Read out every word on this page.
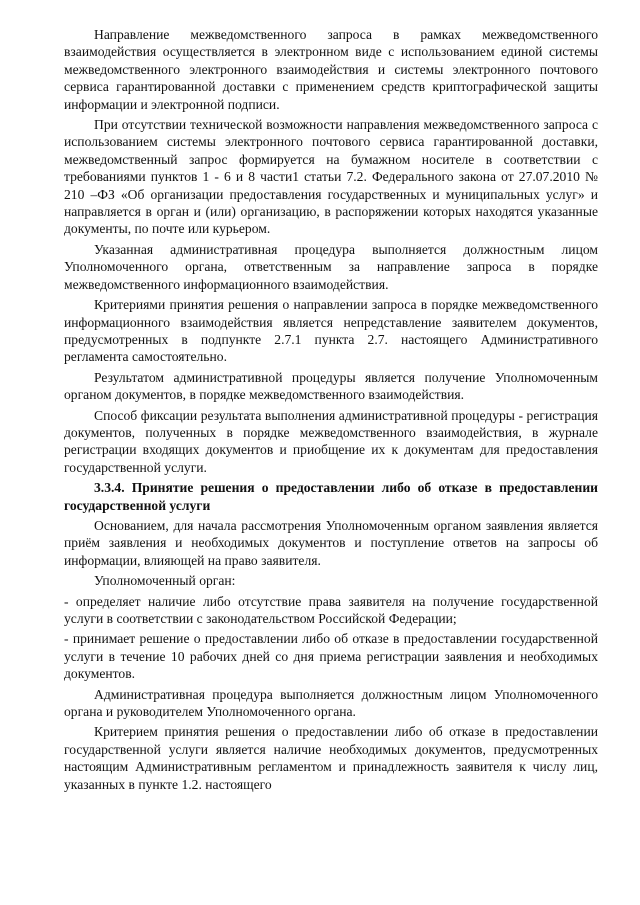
Направление межведомственного запроса в рамках межведомственного взаимодействия осуществляется в электронном виде с использованием единой системы межведомственного электронного взаимодействия и системы электронного почтового сервиса гарантированной доставки с применением средств криптографической защиты информации и электронной подписи.

При отсутствии технической возможности направления межведомственного запроса с использованием системы электронного почтового сервиса гарантированной доставки, межведомственный запрос формируется на бумажном носителе в соответствии с требованиями пунктов 1 - 6 и 8 части1 статьи 7.2. Федерального закона от 27.07.2010 № 210 –ФЗ «Об организации предоставления государственных и муниципальных услуг» и направляется в орган и (или) организацию, в распоряжении которых находятся указанные документы, по почте или курьером.

Указанная административная процедура выполняется должностным лицом Уполномоченного органа, ответственным за направление запроса в порядке межведомственного информационного взаимодействия.

Критериями принятия решения о направлении запроса в порядке межведомственного информационного взаимодействия является непредставление заявителем документов, предусмотренных в подпункте 2.7.1 пункта 2.7. настоящего Административного регламента самостоятельно.

Результатом административной процедуры является получение Уполномоченным органом документов, в порядке межведомственного взаимодействия.

Способ фиксации результата выполнения административной процедуры - регистрация документов, полученных в порядке межведомственного взаимодействия, в журнале регистрации входящих документов и приобщение их к документам для предоставления государственной услуги.

3.3.4. Принятие решения о предоставлении либо об отказе в предоставлении государственной услуги

Основанием, для начала рассмотрения Уполномоченным органом заявления является приём заявления и необходимых документов и поступление ответов на запросы об информации, влияющей на право заявителя.

Уполномоченный орган:

- определяет наличие либо отсутствие права заявителя на получение государственной услуги в соответствии с законодательством Российской Федерации;

- принимает решение о предоставлении либо об отказе в предоставлении государственной услуги в течение 10 рабочих дней со дня приема регистрации заявления и необходимых документов.

Административная процедура выполняется должностным лицом Уполномоченного органа и руководителем Уполномоченного органа.

Критерием принятия решения о предоставлении либо об отказе в предоставлении государственной услуги является наличие необходимых документов, предусмотренных настоящим Административным регламентом и принадлежность заявителя к числу лиц, указанных в пункте 1.2. настоящего
